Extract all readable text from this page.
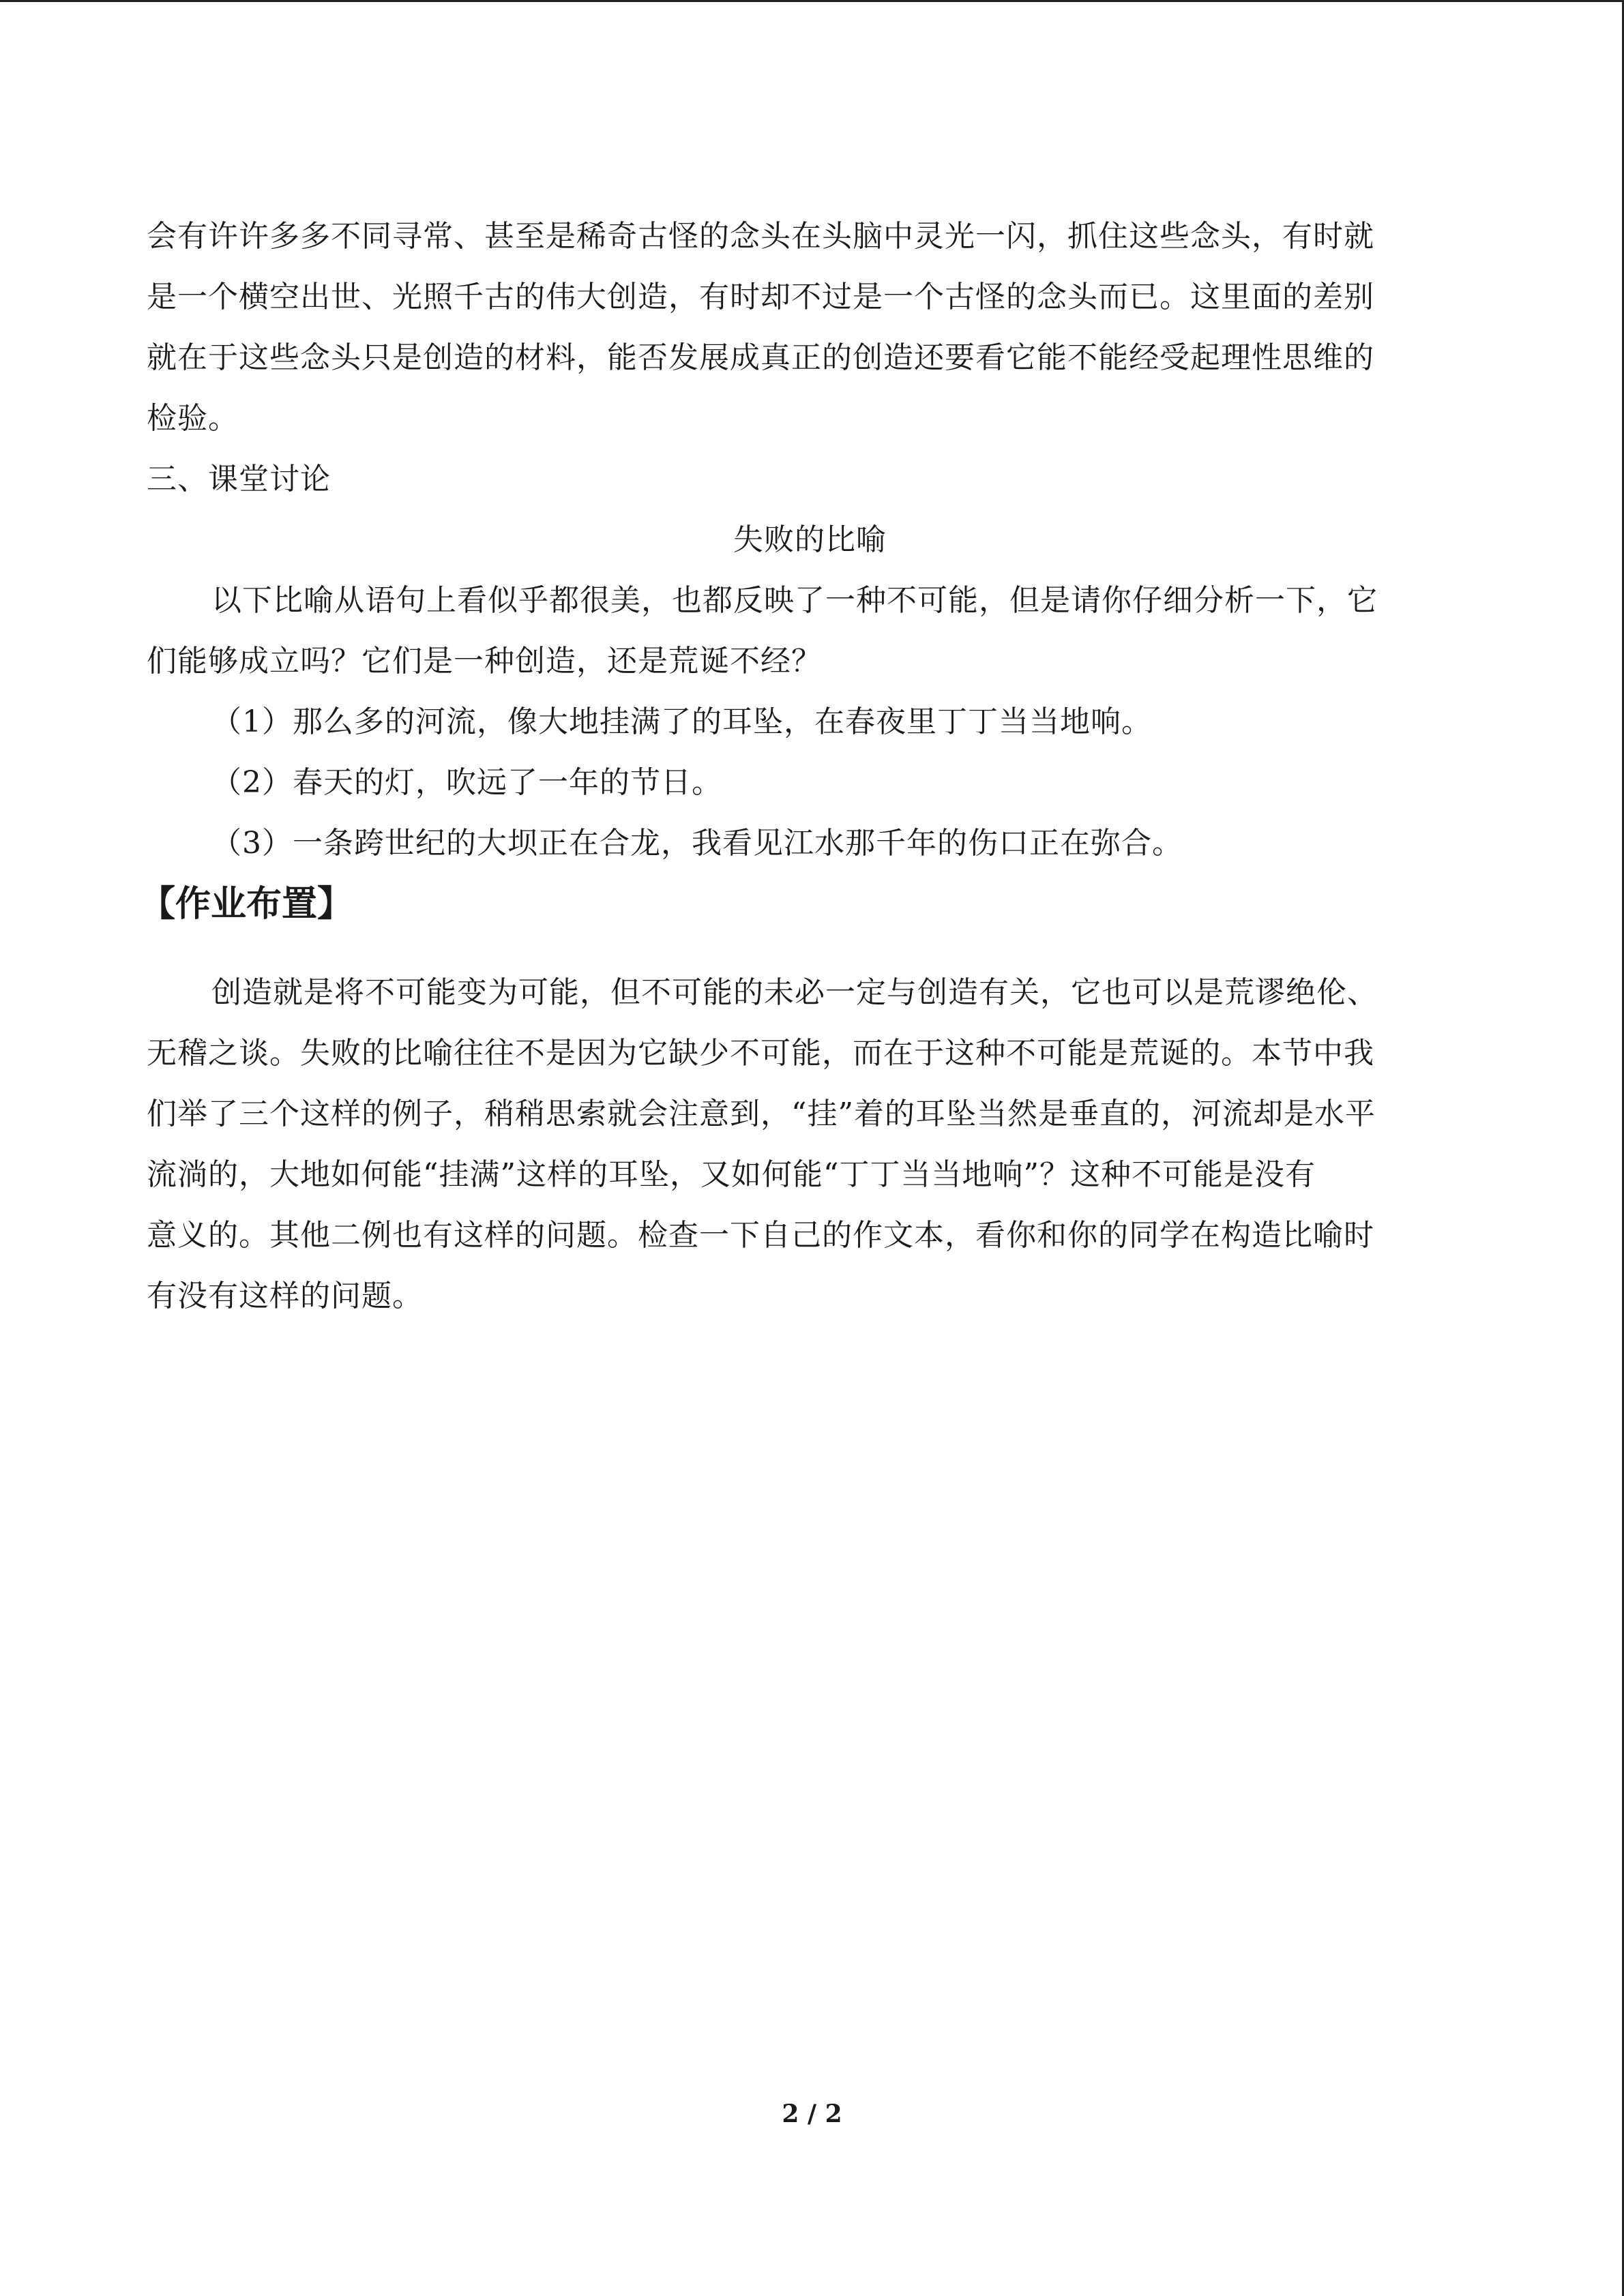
会有许许多多不同寻常、甚至是稀奇古怪的念头在头脑中灵光一闪，抓住这些念头，有时就
是一个横空出世、光照千古的伟大创造，有时却不过是一个古怪的念头而已。这里面的差别
就在于这些念头只是创造的材料，能否发展成真正的创造还要看它能不能经受起理性思维的
检验。
三、课堂讨论
失败的比喻
以下比喻从语句上看似乎都很美，也都反映了一种不可能，但是请你仔细分析一下，它
们能够成立吗？它们是一种创造，还是荒诞不经？
（1）那么多的河流，像大地挂满了的耳坠，在春夜里丁丁当当地响。
（2）春天的灯，吹远了一年的节日。
（3）一条跨世纪的大坝正在合龙，我看见江水那千年的伤口正在弥合。
【作业布置】
创造就是将不可能变为可能，但不可能的未必一定与创造有关，它也可以是荒谬绝伦、
无稽之谈。失败的比喻往往不是因为它缺少不可能，而在于这种不可能是荒诞的。本节中我
们举了三个这样的例子，稍稍思索就会注意到，“挂”着的耳坠当然是垂直的，河流却是水平
流淌的，大地如何能“挂满”这样的耳坠，又如何能“丁丁当当地响”？这种不可能是没有
意义的。其他二例也有这样的问题。检查一下自己的作文本，看你和你的同学在构造比喻时
有没有这样的问题。
2 / 2
